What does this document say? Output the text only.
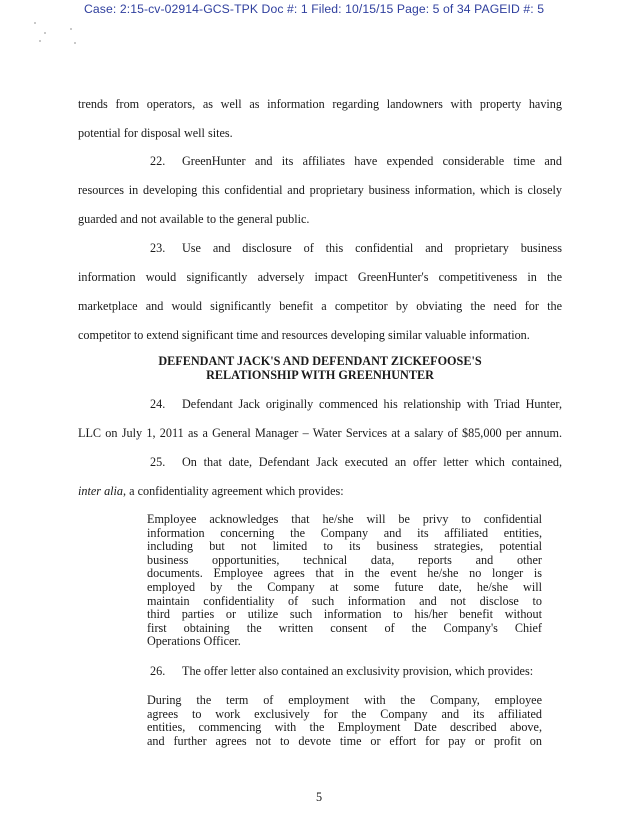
Case: 2:15-cv-02914-GCS-TPK Doc #: 1 Filed: 10/15/15 Page: 5 of 34 PAGEID #: 5
trends from operators, as well as information regarding landowners with property having
potential for disposal well sites.
22. GreenHunter and its affiliates have expended considerable time and
resources in developing this confidential and proprietary business information, which is closely
guarded and not available to the general public.
23. Use and disclosure of this confidential and proprietary business
information would significantly adversely impact GreenHunter's competitiveness in the
marketplace and would significantly benefit a competitor by obviating the need for the
competitor to extend significant time and resources developing similar valuable information.
DEFENDANT JACK'S AND DEFENDANT ZICKEFOOSE'S
RELATIONSHIP WITH GREENHUNTER
24. Defendant Jack originally commenced his relationship with Triad Hunter,
LLC on July 1, 2011 as a General Manager – Water Services at a salary of $85,000 per annum.
25. On that date, Defendant Jack executed an offer letter which contained,
inter alia, a confidentiality agreement which provides:
Employee acknowledges that he/she will be privy to confidential
information concerning the Company and its affiliated entities,
including but not limited to its business strategies, potential
business opportunities, technical data, reports and other
documents. Employee agrees that in the event he/she no longer is
employed by the Company at some future date, he/she will
maintain confidentiality of such information and not disclose to
third parties or utilize such information to his/her benefit without
first obtaining the written consent of the Company's Chief
Operations Officer.
26. The offer letter also contained an exclusivity provision, which provides:
During the term of employment with the Company, employee
agrees to work exclusively for the Company and its affiliated
entities, commencing with the Employment Date described above,
and further agrees not to devote time or effort for pay or profit on
5
